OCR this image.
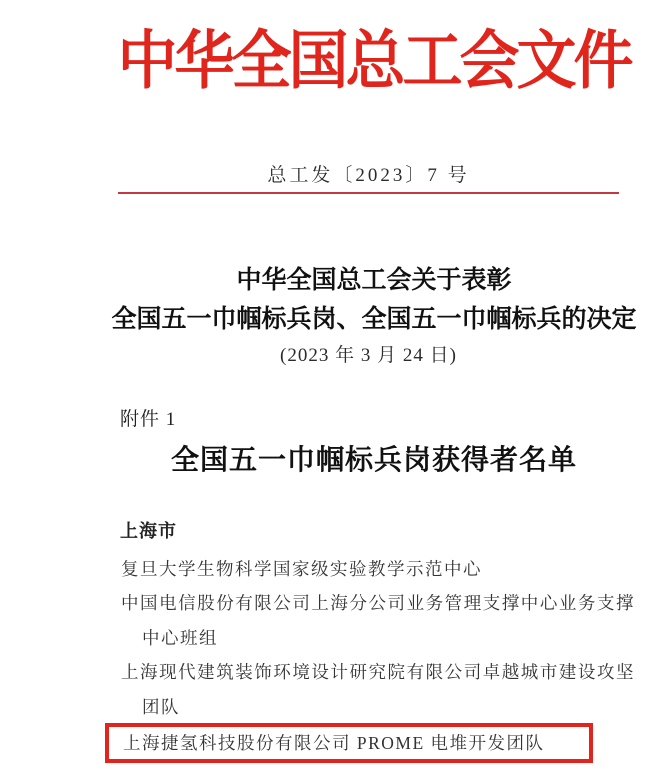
中华全国总工会文件
总工发〔2023〕7 号
中华全国总工会关于表彰
全国五一巾帼标兵岗、全国五一巾帼标兵的决定
(2023 年 3 月 24 日)
附件 1
全国五一巾帼标兵岗获得者名单
上海市
复旦大学生物科学国家级实验教学示范中心
中国电信股份有限公司上海分公司业务管理支撑中心业务支撑中心班组
上海现代建筑装饰环境设计研究院有限公司卓越城市建设攻坚团队
上海捷氢科技股份有限公司 PROME 电堆开发团队
